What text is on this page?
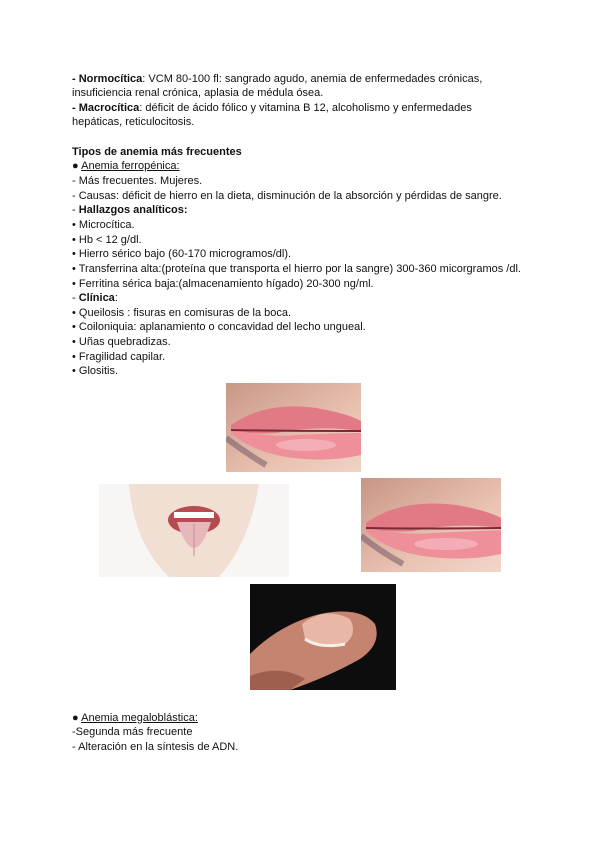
- Normocítica: VCM 80-100 fl: sangrado agudo, anemia de enfermedades crónicas,
insuficiencia renal crónica, aplasia de médula ósea.
- Macrocítica: déficit de ácido fólico y vitamina B 12, alcoholismo y enfermedades
hepáticas, reticulocitosis.
Tipos de anemia más frecuentes
● Anemia ferropénica:
- Más frecuentes. Mujeres.
- Causas: déficit de hierro en la dieta, disminución de la absorción y pérdidas de sangre.
- Hallazgos analíticos:
• Microcítica.
• Hb < 12 g/dl.
• Hierro sérico bajo (60-170 microgramos/dl).
• Transferrina alta:(proteína que transporta el hierro por la sangre) 300-360 micorgramos /dl.
• Ferritina sérica baja:(almacenamiento hígado) 20-300 ng/ml.
- Clínica:
• Queilosis : fisuras en comisuras de la boca.
• Coiloniquia: aplanamiento o concavidad del lecho ungueal.
• Uñas quebradizas.
• Fragilidad capilar.
• Glositis.
● Anemia megaloblástica:
-Segunda más frecuente
- Alteración en la síntesis de ADN.
